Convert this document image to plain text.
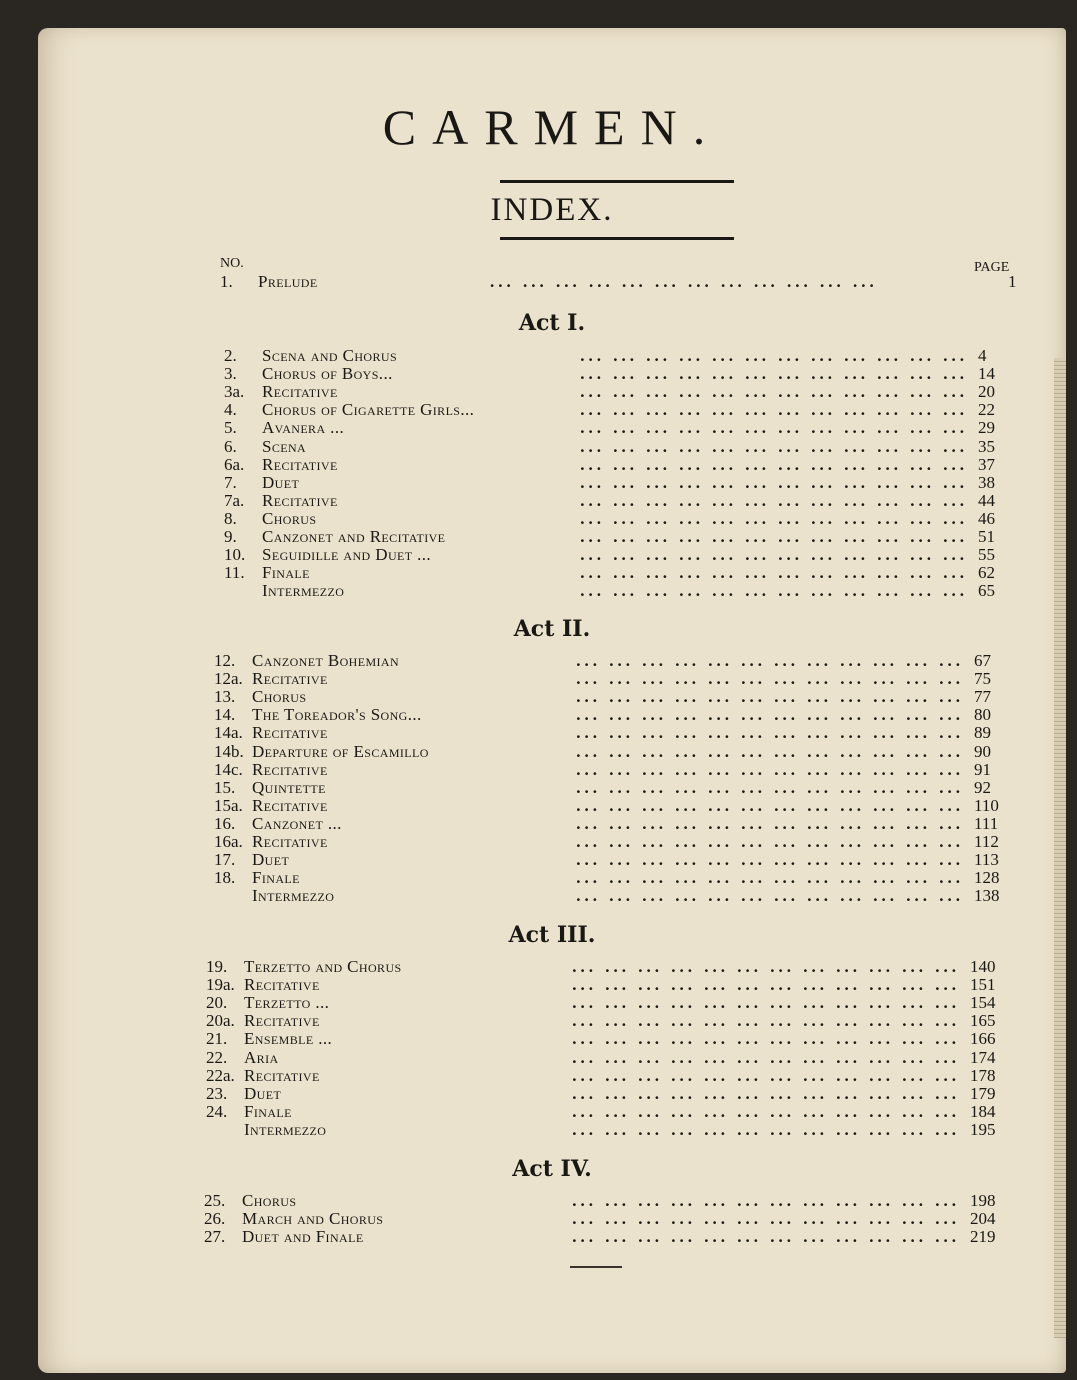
CARMEN.
INDEX.
NO.	PAGE
1.	Prelude	... ... ... ... ... ... ... ... ... ... ... ...	1
Act I.
2.	Scena and Chorus	... ... ... ... ... ... ... ... ... ... ... ... 4
3.	Chorus of Boys...	... ... ... ... ... ... ... ... ... ... ... ... 14
3a.	Recitative	... ... ... ... ... ... ... ... ... ... ... ... 20
4.	Chorus of Cigarette Girls...	... ... ... ... ... ... ... ... ... ... ... ... 22
5.	Avanera ...	... ... ... ... ... ... ... ... ... ... ... ... 29
6.	Scena	... ... ... ... ... ... ... ... ... ... ... ... 35
6a.	Recitative	... ... ... ... ... ... ... ... ... ... ... ... 37
7.	Duet	... ... ... ... ... ... ... ... ... ... ... ... 38
7a.	Recitative	... ... ... ... ... ... ... ... ... ... ... ... 44
8.	Chorus	... ... ... ... ... ... ... ... ... ... ... ... 46
9.	Canzonet and Recitative	... ... ... ... ... ... ... ... ... ... ... ... 51
10. Seguidille and Duet ...	... ... ... ... ... ... ... ... ... ... ... ... 55
11.	Finale	... ... ... ... ... ... ... ... ... ... ... ... 62
Intermezzo	... ... ... ... ... ... ... ... ... ... ... ... 65
Act II.
12. Canzonet Bohemian	... ... ... ... ... ... ... ... ... ... ... ... 67
12a. Recitative	... ... ... ... ... ... ... ... ... ... ... ... 75
13. Chorus	... ... ... ... ... ... ... ... ... ... ... ... 77
14. The Toreador's Song...	... ... ... ... ... ... ... ... ... ... ... ... 80
14a. Recitative	... ... ... ... ... ... ... ... ... ... ... ... 89
14b. Departure of Escamillo	... ... ... ... ... ... ... ... ... ... ... ... 90
14c. Recitative	... ... ... ... ... ... ... ... ... ... ... ... 91
15. Quintette	... ... ... ... ... ... ... ... ... ... ... ... 92
15a. Recitative	... ... ... ... ... ... ... ... ... ... ... ... 110
16. Canzonet ...	... ... ... ... ... ... ... ... ... ... ... ... 111
16a. Recitative	... ... ... ... ... ... ... ... ... ... ... ... 112
17. Duet	... ... ... ... ... ... ... ... ... ... ... ... 113
18. Finale	... ... ... ... ... ... ... ... ... ... ... ... 128
Intermezzo	... ... ... ... ... ... ... ... ... ... ... ... 138
Act III.
19. Terzetto and Chorus	... ... ... ... ... ... ... ... ... ... ... ... 140
19a. Recitative	... ... ... ... ... ... ... ... ... ... ... ... 151
20. Terzetto ...	... ... ... ... ... ... ... ... ... ... ... ... 154
20a. Recitative	... ... ... ... ... ... ... ... ... ... ... ... 165
21. Ensemble ...	... ... ... ... ... ... ... ... ... ... ... ... 166
22. Aria	... ... ... ... ... ... ... ... ... ... ... ... 174
22a. Recitative	... ... ... ... ... ... ... ... ... ... ... ... 178
23. Duet	... ... ... ... ... ... ... ... ... ... ... ... 179
24. Finale	... ... ... ... ... ... ... ... ... ... ... ... 184
Intermezzo	... ... ... ... ... ... ... ... ... ... ... ... 195
Act IV.
25. Chorus	... ... ... ... ... ... ... ... ... ... ... ... 198
26. March and Chorus	... ... ... ... ... ... ... ... ... ... ... ... 204
27. Duet and Finale	... ... ... ... ... ... ... ... ... ... ... ... 219
